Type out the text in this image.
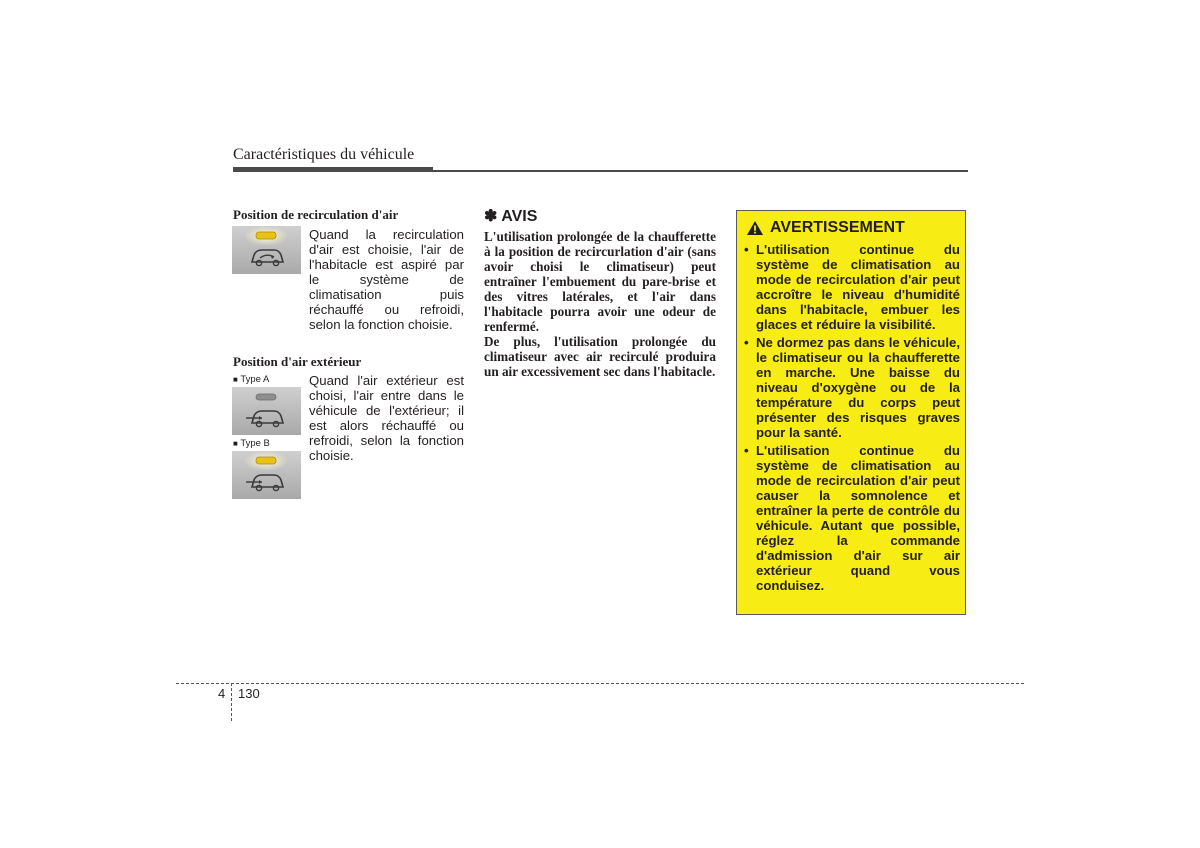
Caractéristiques du véhicule
Position de recirculation d'air
Quand la recirculation d'air est choisie, l'air de l'habitacle est aspiré par le système de climatisation puis réchauffé ou refroidi, selon la fonction choisie.
Position d'air extérieur
■ Type A
■ Type B
Quand l'air extérieur est choisi, l'air entre dans le véhicule de l'extérieur; il est alors réchauffé ou refroidi, selon la fonction choisie.
✽ AVIS

L'utilisation prolongée de la chaufferette à la position de recircurlation d'air (sans avoir choisi le climatiseur) peut entraîner l'embuement du pare-brise et des vitres latérales, et l'air dans l'habitacle pourra avoir une odeur de renfermé.

De plus, l'utilisation prolongée du climatiseur avec air recirculé produira un air excessivement sec dans l'habitacle.

AVERTISSEMENT
• L'utilisation continue du système de climatisation au mode de recirculation d'air peut accroître le niveau d'humidité dans l'habitacle, embuer les glaces et réduire la visibilité.
• Ne dormez pas dans le véhicule, le climatiseur ou la chaufferette en marche. Une baisse du niveau d'oxygène ou de la température du corps peut présenter des risques graves pour la santé.
• L'utilisation continue du système de climatisation au mode de recirculation d'air peut causer la somnolence et entraîner la perte de contrôle du véhicule. Autant que possible, réglez la commande d'admission d'air sur air extérieur quand vous conduisez.
4 130
